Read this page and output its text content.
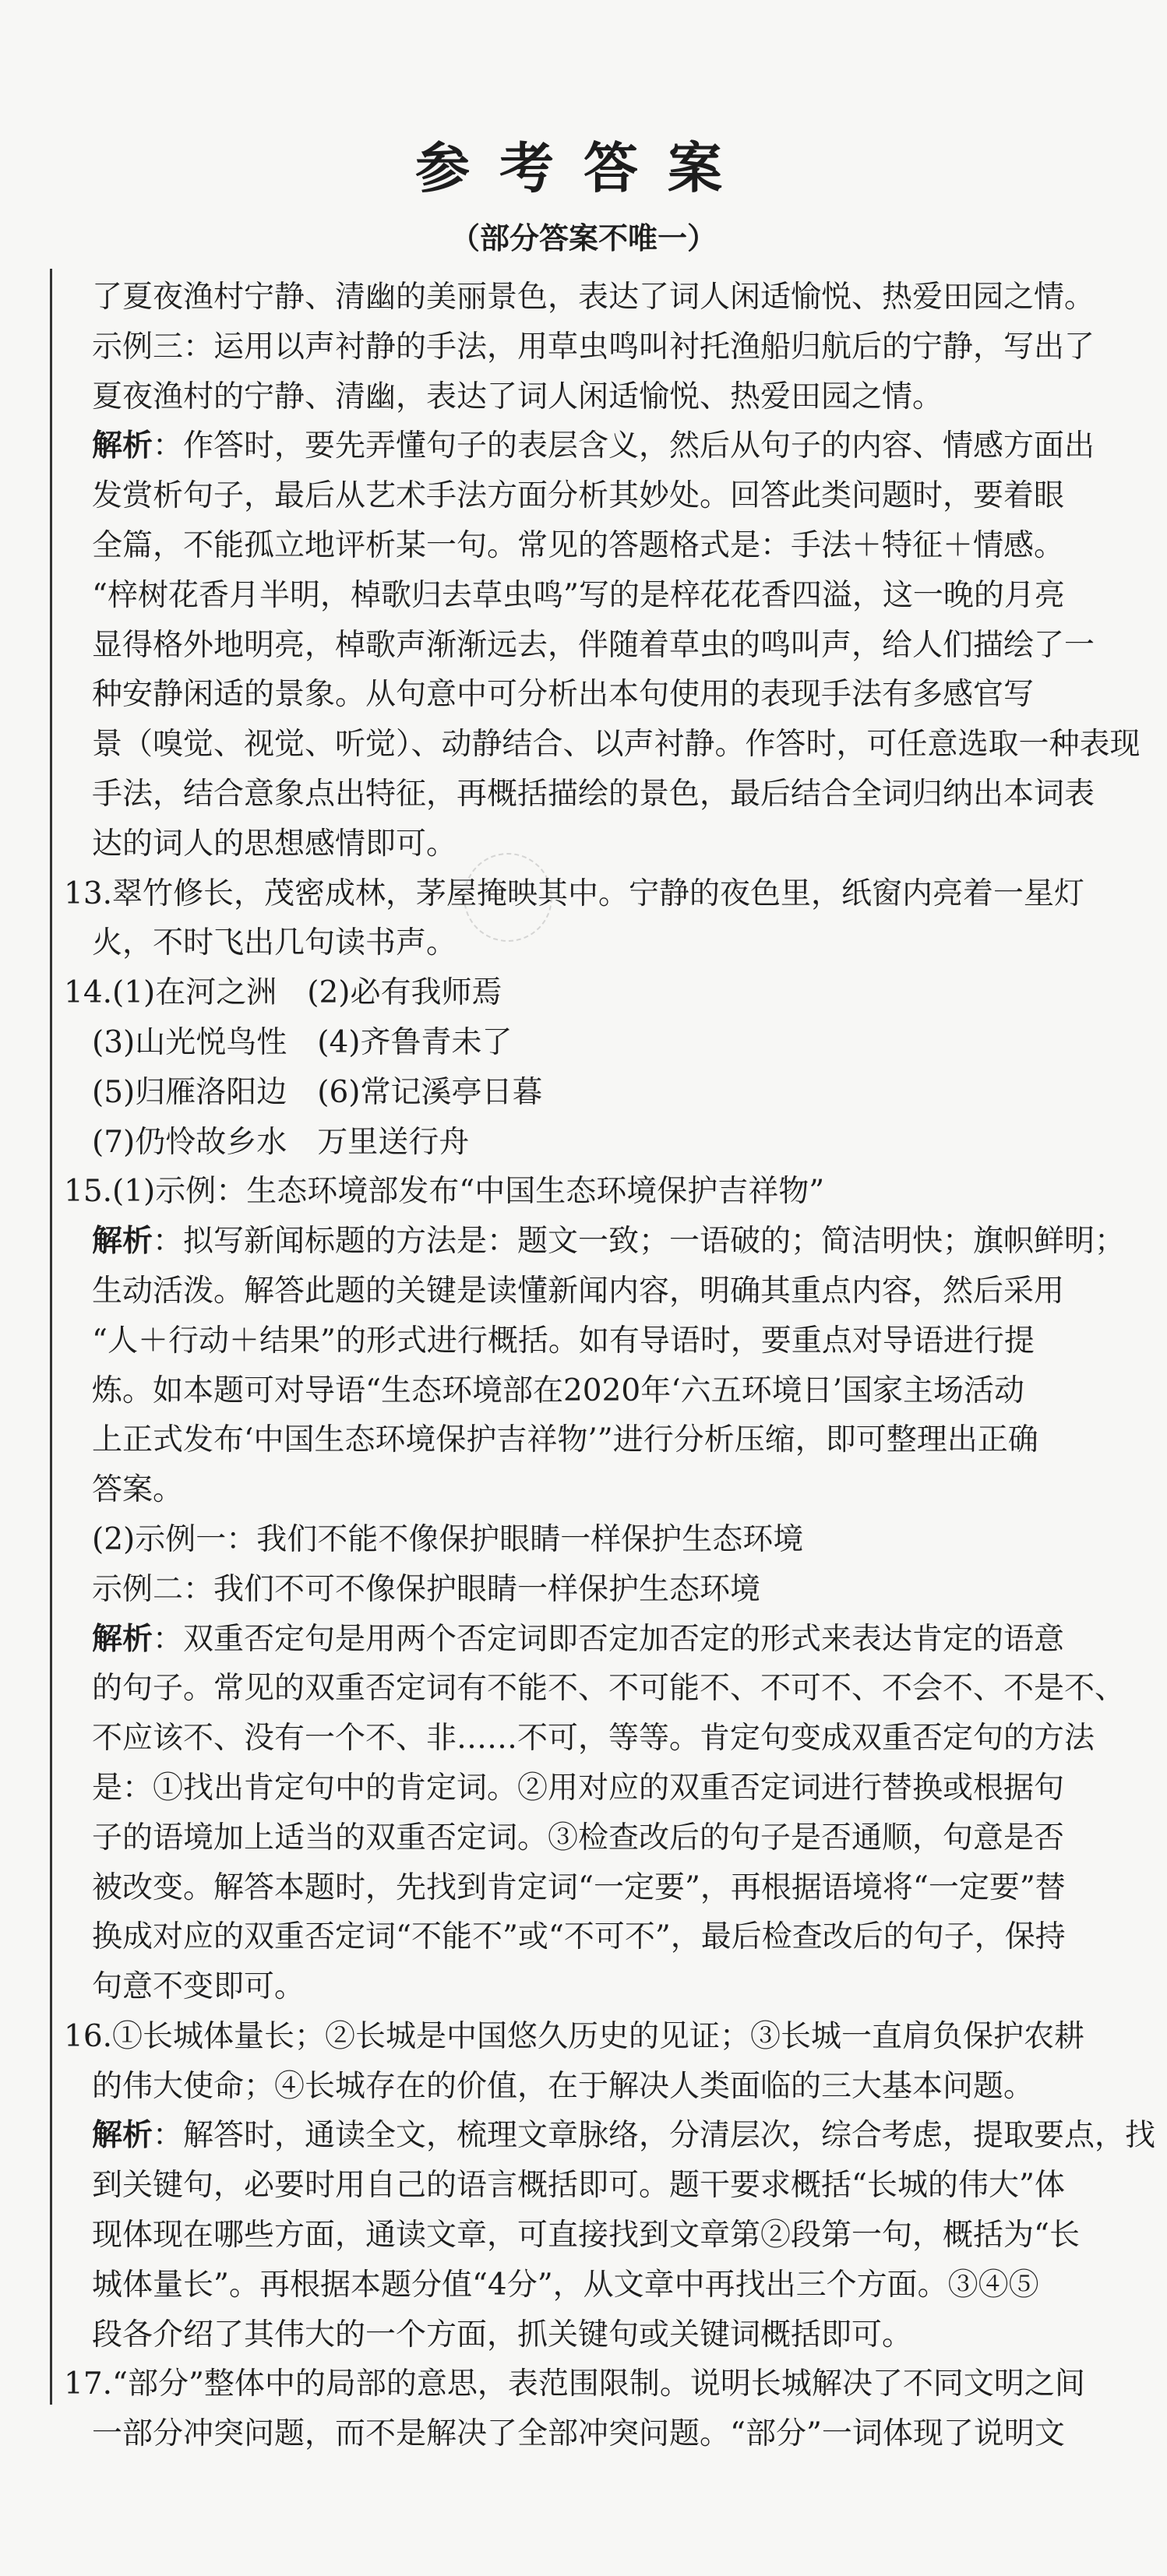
参考答案
（部分答案不唯一）

了夏夜渔村宁静、清幽的美丽景色，表达了词人闲适愉悦、热爱田园之情。

示例三：运用以声衬静的手法，用草虫鸣叫衬托渔船归航后的宁静，写出了

夏夜渔村的宁静、清幽，表达了词人闲适愉悦、热爱田园之情。

解析：作答时，要先弄懂句子的表层含义，然后从句子的内容、情感方面出

发赏析句子，最后从艺术手法方面分析其妙处。回答此类问题时，要着眼

全篇，不能孤立地评析某一句。常见的答题格式是：手法＋特征＋情感。

“梓树花香月半明，棹歌归去草虫鸣”写的是梓花花香四溢，这一晚的月亮

显得格外地明亮，棹歌声渐渐远去，伴随着草虫的鸣叫声，给人们描绘了一

种安静闲适的景象。从句意中可分析出本句使用的表现手法有多感官写

景（嗅觉、视觉、听觉）、动静结合、以声衬静。作答时，可任意选取一种表现

手法，结合意象点出特征，再概括描绘的景色，最后结合全词归纳出本词表

达的词人的思想感情即可。

13.翠竹修长，茂密成林，茅屋掩映其中。宁静的夜色里，纸窗内亮着一星灯

火，不时飞出几句读书声。

14.(1)在河之洲　(2)必有我师焉

(3)山光悦鸟性　(4)齐鲁青未了

(5)归雁洛阳边　(6)常记溪亭日暮

(7)仍怜故乡水　万里送行舟

15.(1)示例：生态环境部发布“中国生态环境保护吉祥物”

解析：拟写新闻标题的方法是：题文一致；一语破的；简洁明快；旗帜鲜明；

生动活泼。解答此题的关键是读懂新闻内容，明确其重点内容，然后采用

“人＋行动＋结果”的形式进行概括。如有导语时，要重点对导语进行提

炼。如本题可对导语“生态环境部在2020年‘六五环境日’国家主场活动

上正式发布‘中国生态环境保护吉祥物’”进行分析压缩，即可整理出正确

答案。

(2)示例一：我们不能不像保护眼睛一样保护生态环境

示例二：我们不可不像保护眼睛一样保护生态环境

解析：双重否定句是用两个否定词即否定加否定的形式来表达肯定的语意

的句子。常见的双重否定词有不能不、不可能不、不可不、不会不、不是不、

不应该不、没有一个不、非……不可，等等。肯定句变成双重否定句的方法

是：①找出肯定句中的肯定词。②用对应的双重否定词进行替换或根据句

子的语境加上适当的双重否定词。③检查改后的句子是否通顺，句意是否

被改变。解答本题时，先找到肯定词“一定要”，再根据语境将“一定要”替

换成对应的双重否定词“不能不”或“不可不”，最后检查改后的句子，保持

句意不变即可。

16.①长城体量长；②长城是中国悠久历史的见证；③长城一直肩负保护农耕

的伟大使命；④长城存在的价值，在于解决人类面临的三大基本问题。

解析：解答时，通读全文，梳理文章脉络，分清层次，综合考虑，提取要点，找

到关键句，必要时用自己的语言概括即可。题干要求概括“长城的伟大”体

现体现在哪些方面，通读文章，可直接找到文章第②段第一句，概括为“长

城体量长”。再根据本题分值“4分”，从文章中再找出三个方面。③④⑤

段各介绍了其伟大的一个方面，抓关键句或关键词概括即可。

17.“部分”整体中的局部的意思，表范围限制。说明长城解决了不同文明之间

一部分冲突问题，而不是解决了全部冲突问题。“部分”一词体现了说明文
